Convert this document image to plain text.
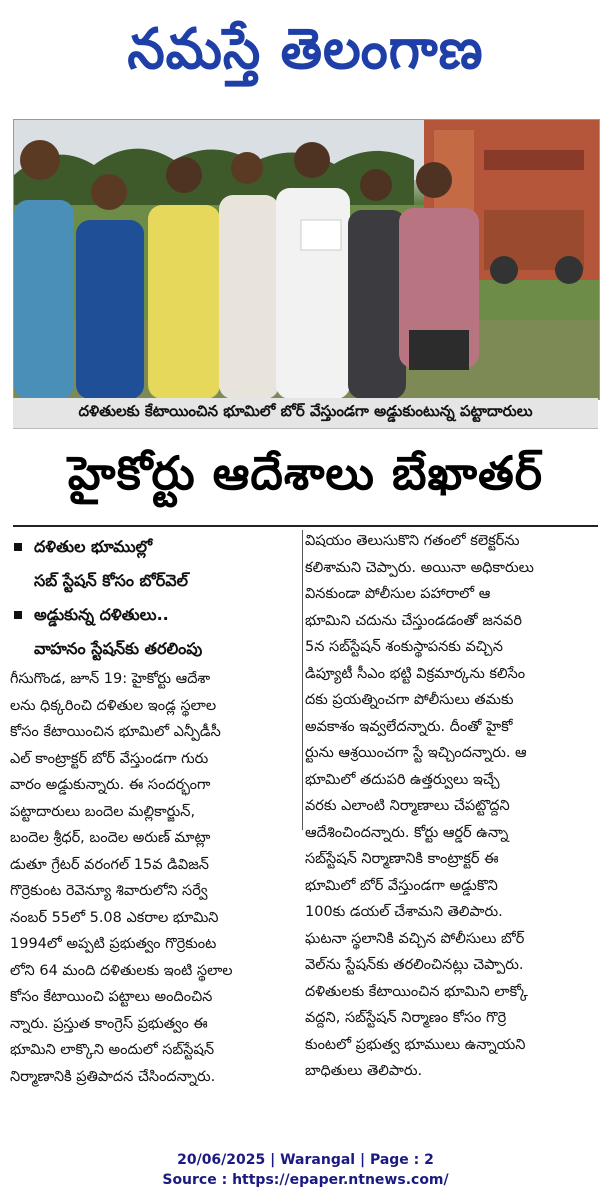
నమస్తే తెలంగాణ
దళితులకు కేటాయించిన భూమిలో బోర్ వేస్తుండగా అడ్డుకుంటున్న పట్టాదారులు
హైకోర్టు ఆదేశాలు బేఖాతర్
దళితుల భూముల్లో
సబ్ స్టేషన్ కోసం బోర్‌వెల్
అడ్డుకున్న దళితులు..
వాహనం స్టేషన్‌కు తరలింపు
గీసుగొండ, జూన్ 19: హైకోర్టు ఆదేశా
లను ధిక్కరించి దళితుల ఇండ్ల స్థలాల
కోసం కేటాయించిన భూమిలో ఎన్పీడీసీ
ఎల్ కాంట్రాక్టర్ బోర్ వేస్తుండగా గురు
వారం అడ్డుకున్నారు. ఈ సందర్భంగా
పట్టాదారులు బందెల మల్లికార్జున్,
బందెల శ్రీధర్, బందెల అరుణ్ మాట్లా
డుతూ గ్రేటర్ వరంగల్ 15వ డివిజన్
గొర్రెకుంట రెవెన్యూ శివారులోని సర్వే
నంబర్ 55లో 5.08 ఎకరాల భూమిని
1994లో అప్పటి ప్రభుత్వం గొర్రెకుంట
లోని 64 మంది దళితులకు ఇంటి స్థలాల
కోసం కేటాయించి పట్టాలు అందించిన
న్నారు. ప్రస్తుత కాంగ్రెస్ ప్రభుత్వం ఈ
భూమిని లాక్కొని అందులో సబ్‌స్టేషన్
నిర్మాణానికి ప్రతిపాదన చేసిందన్నారు.
విషయం తెలుసుకొని గతంలో కలెక్టర్‌ను
కలిశామని చెప్పారు. అయినా అధికారులు
వినకుండా పోలీసుల పహారాలో ఆ
భూమిని చదును చేస్తుండడంతో జనవరి
5న సబ్‌స్టేషన్ శంకుస్థాపనకు వచ్చిన
డిప్యూటీ సీఎం భట్టి విక్రమార్కను కలిసేం
దకు ప్రయత్నించగా పోలీసులు తమకు
అవకాశం ఇవ్వలేదన్నారు. దీంతో హైకో
ర్టును ఆశ్రయించగా స్టే ఇచ్చిందన్నారు. ఆ
భూమిలో తదుపరి ఉత్తర్వులు ఇచ్చే
వరకు ఎలాంటి నిర్మాణాలు చేపట్టొద్దని
ఆదేశించిందన్నారు. కోర్టు ఆర్డర్ ఉన్నా
సబ్‌స్టేషన్ నిర్మాణానికి కాంట్రాక్టర్ ఈ
భూమిలో బోర్ వేస్తుండగా అడ్డుకొని
100కు డయల్ చేశామని తెలిపారు.
ఘటనా స్థలానికి వచ్చిన పోలీసులు బోర్
వెల్‌ను స్టేషన్‌కు తరలించినట్లు చెప్పారు.
దళితులకు కేటాయించిన భూమిని లాక్కో
వద్దని, సబ్‌స్టేషన్ నిర్మాణం కోసం గొర్రె
కుంటలో ప్రభుత్వ భూములు ఉన్నాయని
బాధితులు తెలిపారు.
20/06/2025 | Warangal | Page : 2
Source : https://epaper.ntnews.com/
